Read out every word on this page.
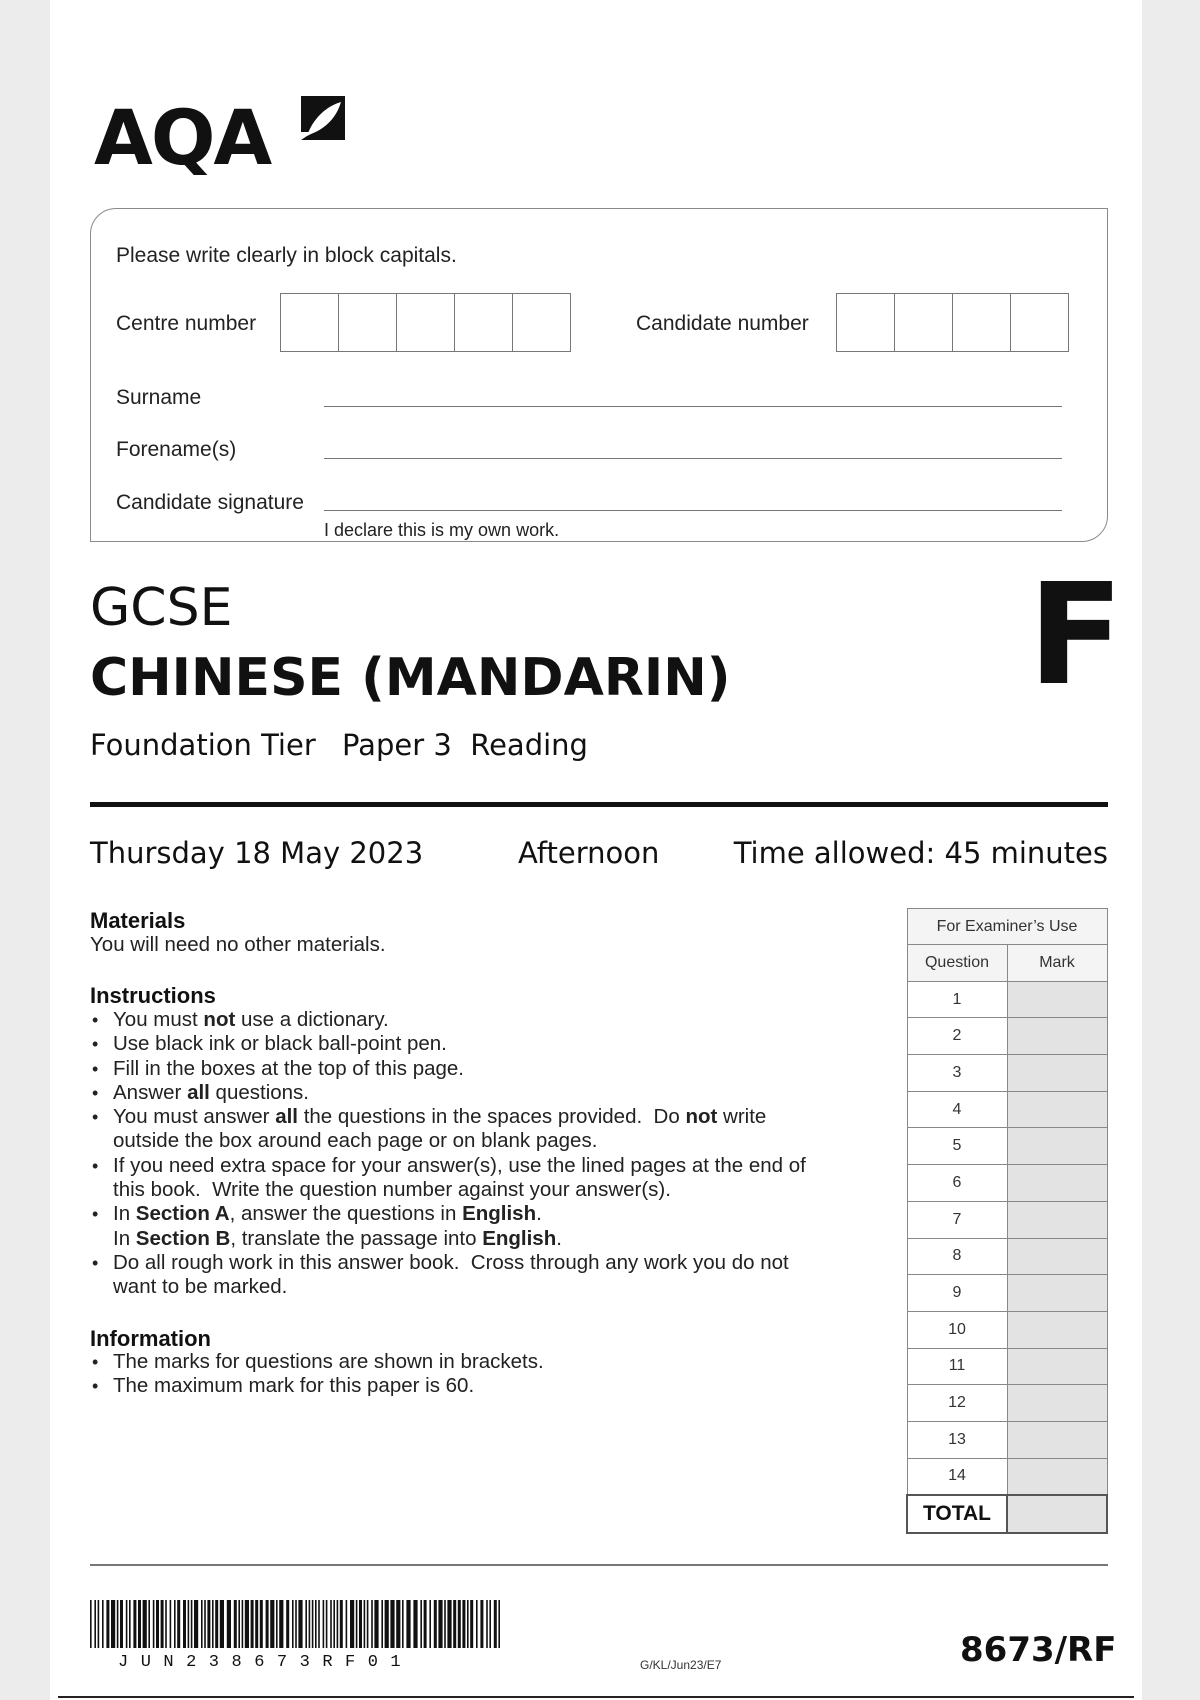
AQA
Please write clearly in block capitals.
Centre number	Candidate number
Surname
Forename(s)
Candidate signature
I declare this is my own work.
GCSE
CHINESE (MANDARIN)
Foundation Tier Paper 3  Reading
F
Thursday 18 May 2023	Afternoon	Time allowed: 45 minutes
Materials
You will need no other materials.
Instructions
• You must not use a dictionary.
• Use black ink or black ball-point pen.
• Fill in the boxes at the top of this page.
• Answer all questions.
• You must answer all the questions in the spaces provided.  Do not write
outside the box around each page or on blank pages.
• If you need extra space for your answer(s), use the lined pages at the end of
this book.  Write the question number against your answer(s).
• In Section A, answer the questions in English.
In Section B, translate the passage into English.
• Do all rough work in this answer book.  Cross through any work you do not
want to be marked.
Information
• The marks for questions are shown in brackets.
• The maximum mark for this paper is 60.
For Examiner’s Use	
Question	Mark
1	
2	
3	
4	
5	
6	
7	
8	
9	
10	
11	
12	
13	
14	
TOTAL	
JUN238673RF01	G/KL/Jun23/E7	8673/RF
